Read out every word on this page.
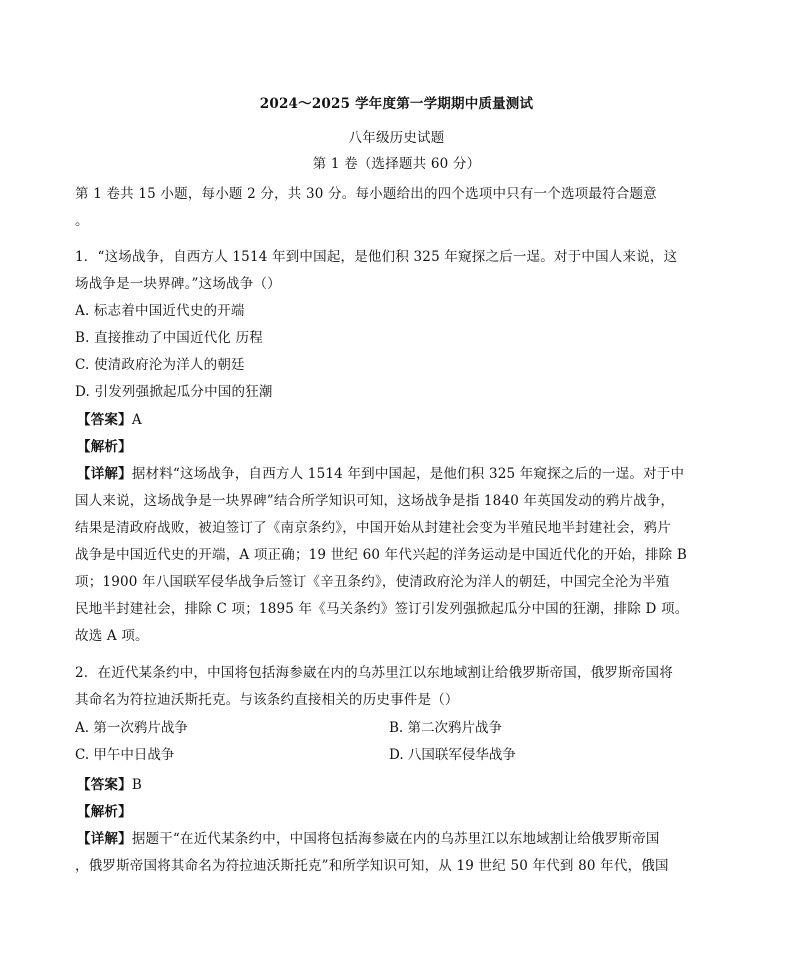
2024～2025 学年度第一学期期中质量测试
八年级历史试题
第 1 卷（选择题共 60 分）
第 1 卷共 15 小题，每小题 2 分，共 30 分。每小题给出的四个选项中只有一个选项最符合题意
。
1．“这场战争，自西方人 1514 年到中国起，是他们积 325 年窥探之后一逞。对于中国人来说，这
场战争是一块界碑。”这场战争（）
A. 标志着中国近代史的开端
B. 直接推动了中国近代化 历程
C. 使清政府沦为洋人的朝廷
D. 引发列强掀起瓜分中国的狂潮
【答案】A
【解析】
【详解】据材料“这场战争，自西方人 1514 年到中国起，是他们积 325 年窥探之后的一逞。对于中
国人来说，这场战争是一块界碑”结合所学知识可知，这场战争是指 1840 年英国发动的鸦片战争，
结果是清政府战败，被迫签订了《南京条约》，中国开始从封建社会变为半殖民地半封建社会，鸦片
战争是中国近代史的开端，A 项正确；19 世纪 60 年代兴起的洋务运动是中国近代化的开始，排除 B
项；1900 年八国联军侵华战争后签订《辛丑条约》，使清政府沦为洋人的朝廷，中国完全沦为半殖
民地半封建社会，排除 C 项；1895 年《马关条约》签订引发列强掀起瓜分中国的狂潮，排除 D 项。
故选 A 项。
2．在近代某条约中，中国将包括海参崴在内的乌苏里江以东地域割让给俄罗斯帝国，俄罗斯帝国将
其命名为符拉迪沃斯托克。与该条约直接相关的历史事件是（）
A. 第一次鸦片战争	B. 第二次鸦片战争
C. 甲午中日战争	D. 八国联军侵华战争
【答案】B
【解析】
【详解】据题干“在近代某条约中，中国将包括海参崴在内的乌苏里江以东地域割让给俄罗斯帝国
，俄罗斯帝国将其命名为符拉迪沃斯托克”和所学知识可知，从 19 世纪 50 年代到 80 年代，俄国
